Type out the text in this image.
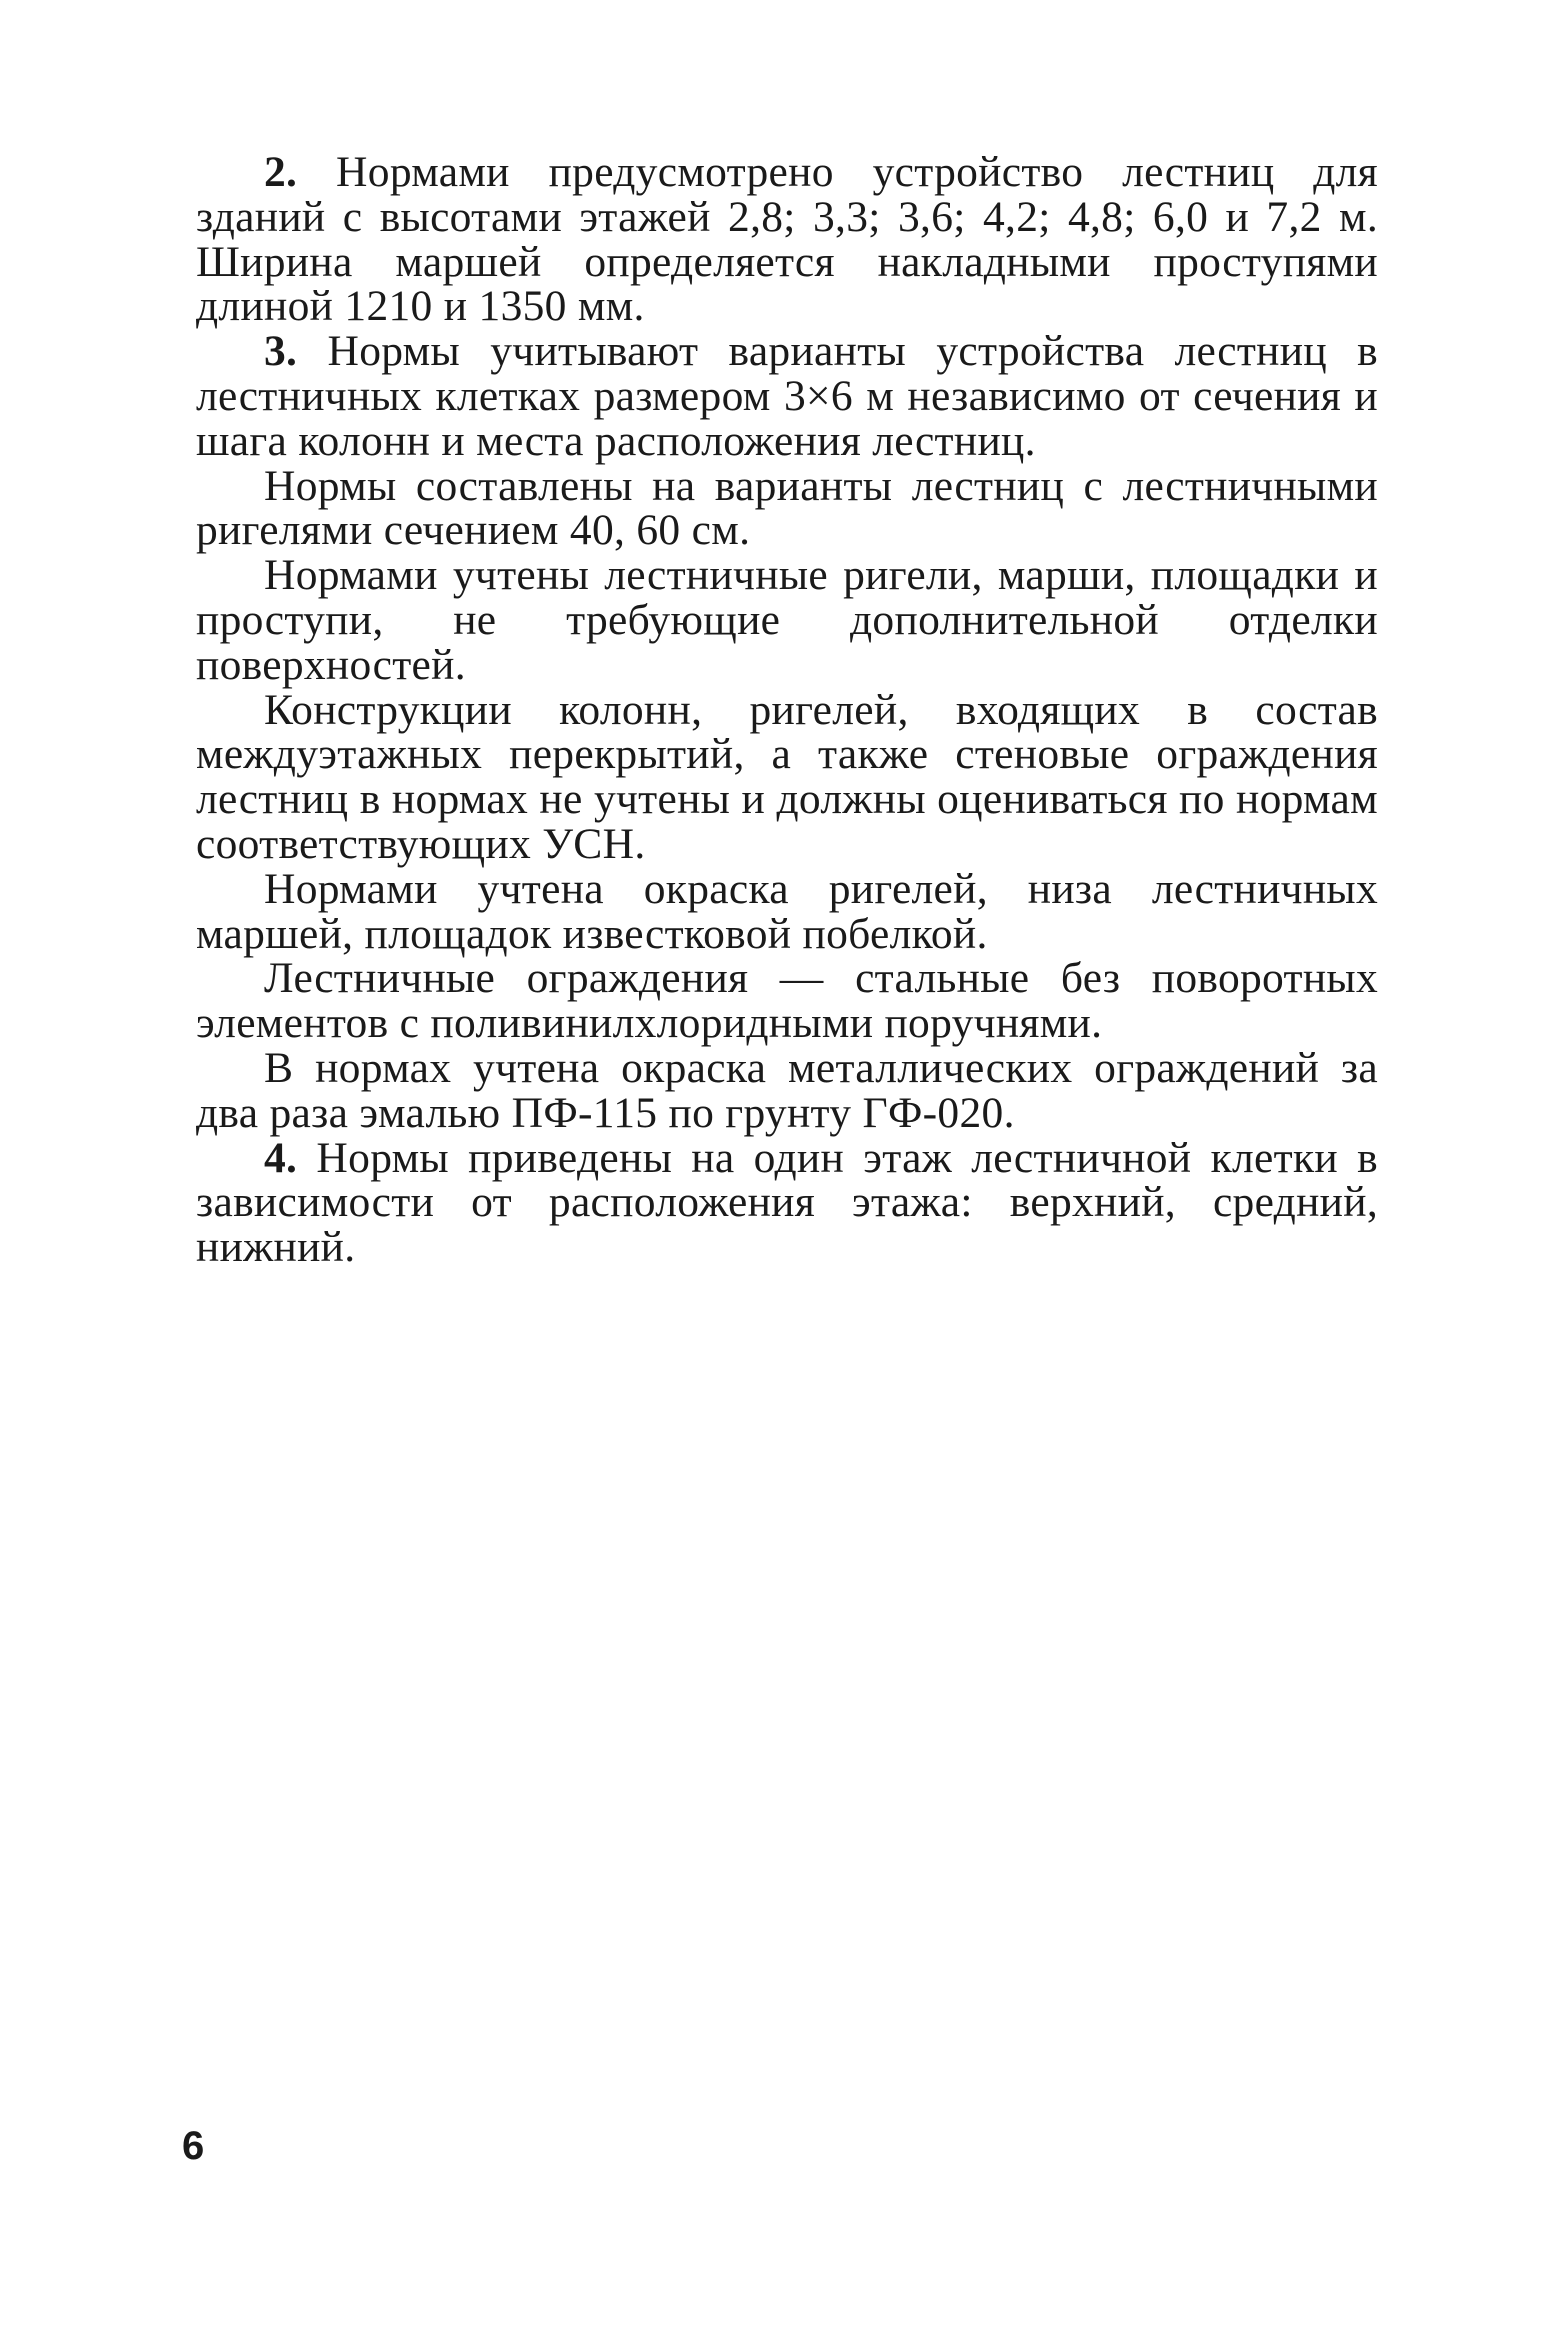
2. Нормами предусмотрено устройство лестниц для зданий с высотами этажей 2,8; 3,3; 3,6; 4,2; 4,8; 6,0 и 7,2 м. Ширина маршей определяется накладными проступями длиной 1210 и 1350 мм.

3. Нормы учитывают варианты устройства лестниц в лестничных клетках размером 3×6 м независимо от сечения и шага колонн и места расположения лестниц.

Нормы составлены на варианты лестниц с лестничными ригелями сечением 40, 60 см.

Нормами учтены лестничные ригели, марши, площадки и проступи, не требующие дополнительной отделки поверхностей.

Конструкции колонн, ригелей, входящих в состав междуэтажных перекрытий, а также стеновые ограждения лестниц в нормах не учтены и должны оцениваться по нормам соответствующих УСН.

Нормами учтена окраска ригелей, низа лестничных маршей, площадок известковой побелкой.

Лестничные ограждения — стальные без поворотных элементов с поливинилхлоридными поручнями.

В нормах учтена окраска металлических ограждений за два раза эмалью ПФ-115 по грунту ГФ-020.

4. Нормы приведены на один этаж лестничной клетки в зависимости от расположения этажа: верхний, средний, нижний.

6
